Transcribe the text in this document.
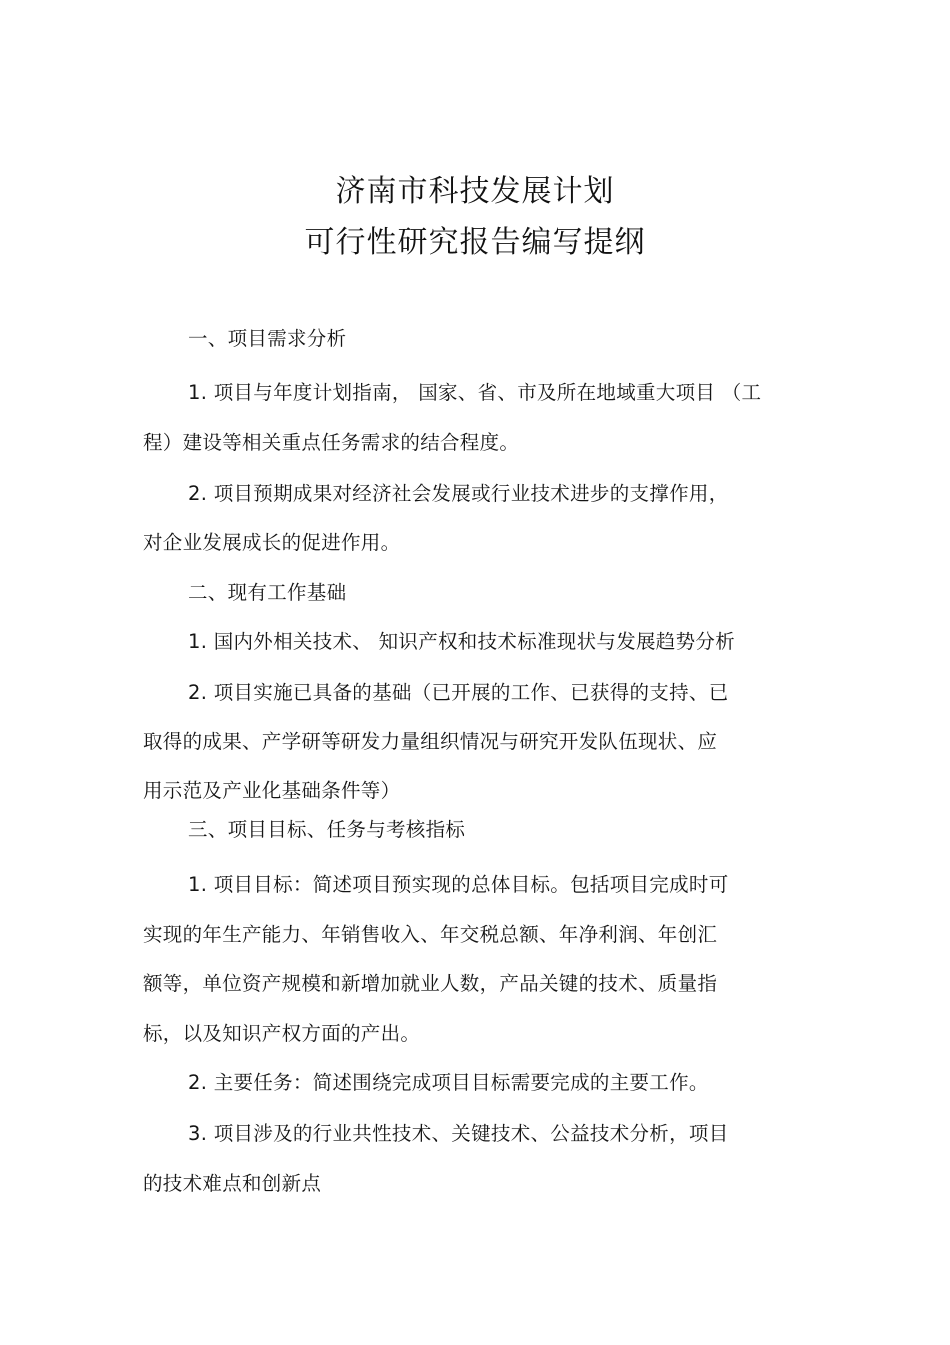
济南市科技发展计划
可行性研究报告编写提纲
一、项目需求分析
1. 项目与年度计划指南， 国家、省、市及所在地域重大项目 （工
程）建设等相关重点任务需求的结合程度。
2. 项目预期成果对经济社会发展或行业技术进步的支撑作用，
对企业发展成长的促进作用。
二、现有工作基础
1. 国内外相关技术、 知识产权和技术标准现状与发展趋势分析
2. 项目实施已具备的基础（已开展的工作、已获得的支持、已
取得的成果、产学研等研发力量组织情况与研究开发队伍现状、应
用示范及产业化基础条件等）
三、项目目标、任务与考核指标
1. 项目目标：简述项目预实现的总体目标。包括项目完成时可
实现的年生产能力、年销售收入、年交税总额、年净利润、年创汇
额等，单位资产规模和新增加就业人数，产品关键的技术、质量指
标，以及知识产权方面的产出。
2. 主要任务：简述围绕完成项目目标需要完成的主要工作。
3. 项目涉及的行业共性技术、关键技术、公益技术分析，项目
的技术难点和创新点
